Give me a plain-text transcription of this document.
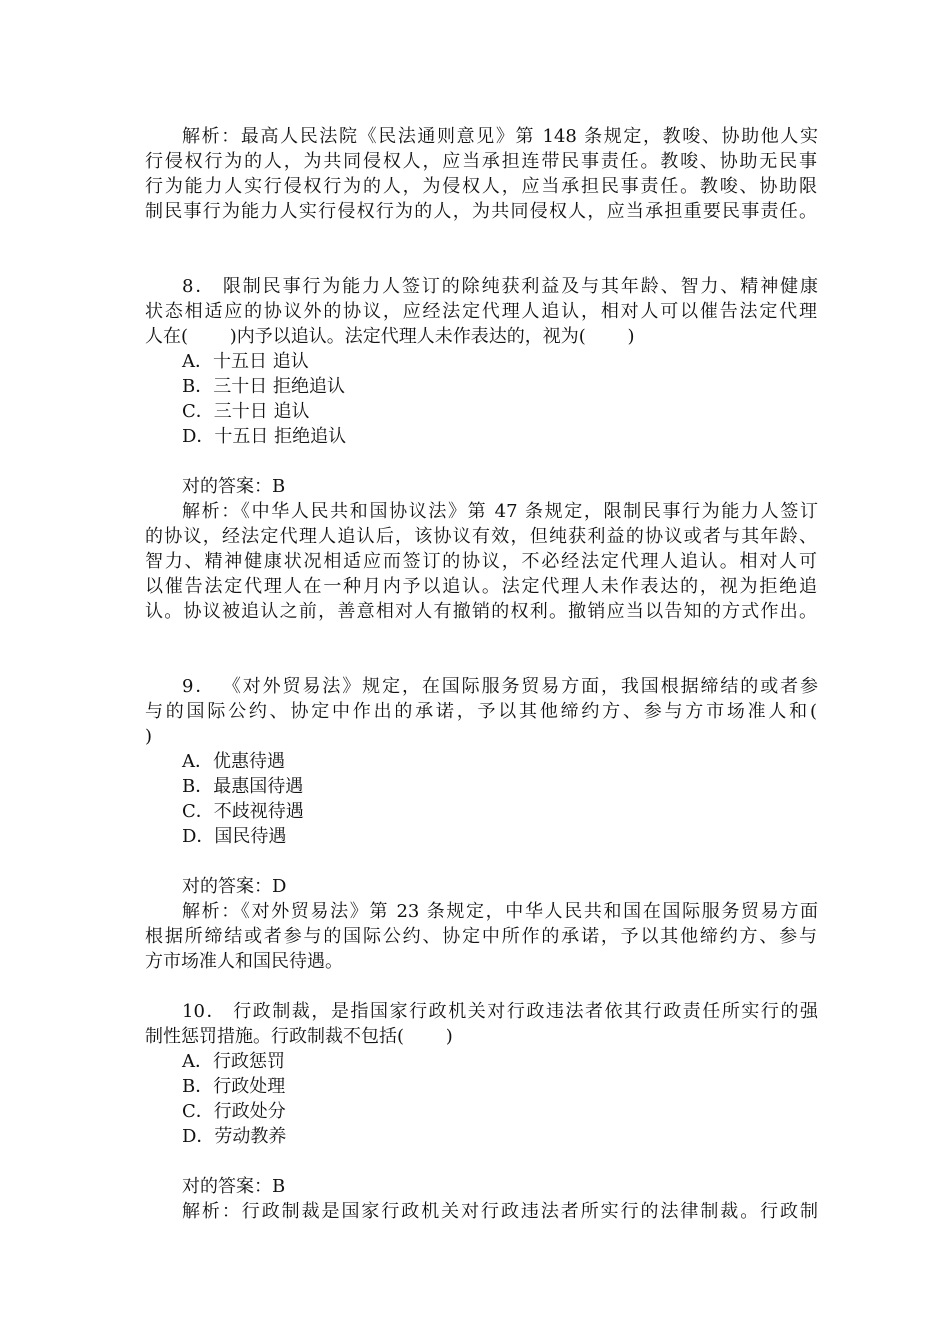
解析：最高人民法院《民法通则意见》第 148 条规定，教唆、协助他人实
行侵权行为的人，为共同侵权人，应当承担连带民事责任。教唆、协助无民事
行为能力人实行侵权行为的人，为侵权人，应当承担民事责任。教唆、协助限
制民事行为能力人实行侵权行为的人，为共同侵权人，应当承担重要民事责任。
8． 限制民事行为能力人签订的除纯获利益及与其年龄、智力、精神健康
状态相适应的协议外的协议，应经法定代理人追认，相对人可以催告法定代理
人在(　　 )内予以追认。法定代理人未作表达的，视为(　　 )
A．十五日 追认
B．三十日 拒绝追认
C．三十日 追认
D．十五日 拒绝追认
对的答案：B
解析：《中华人民共和国协议法》第 47 条规定，限制民事行为能力人签订
的协议，经法定代理人追认后，该协议有效，但纯获利益的协议或者与其年龄、
智力、精神健康状况相适应而签订的协议，不必经法定代理人追认。相对人可
以催告法定代理人在一种月内予以追认。法定代理人未作表达的，视为拒绝追
认。协议被追认之前，善意相对人有撤销的权利。撤销应当以告知的方式作出。
9． 《对外贸易法》规定，在国际服务贸易方面，我国根据缔结的或者参
与的国际公约、协定中作出的承诺，予以其他缔约方、参与方市场准人和(
)
A．优惠待遇
B．最惠国待遇
C．不歧视待遇
D．国民待遇
对的答案：D
解析：《对外贸易法》第 23 条规定，中华人民共和国在国际服务贸易方面
根据所缔结或者参与的国际公约、协定中所作的承诺，予以其他缔约方、参与
方市场准人和国民待遇。
10． 行政制裁，是指国家行政机关对行政违法者依其行政责任所实行的强
制性惩罚措施。行政制裁不包括(　　 )
A．行政惩罚
B．行政处理
C．行政处分
D．劳动教养
对的答案：B
解析：行政制裁是国家行政机关对行政违法者所实行的法律制裁。行政制
